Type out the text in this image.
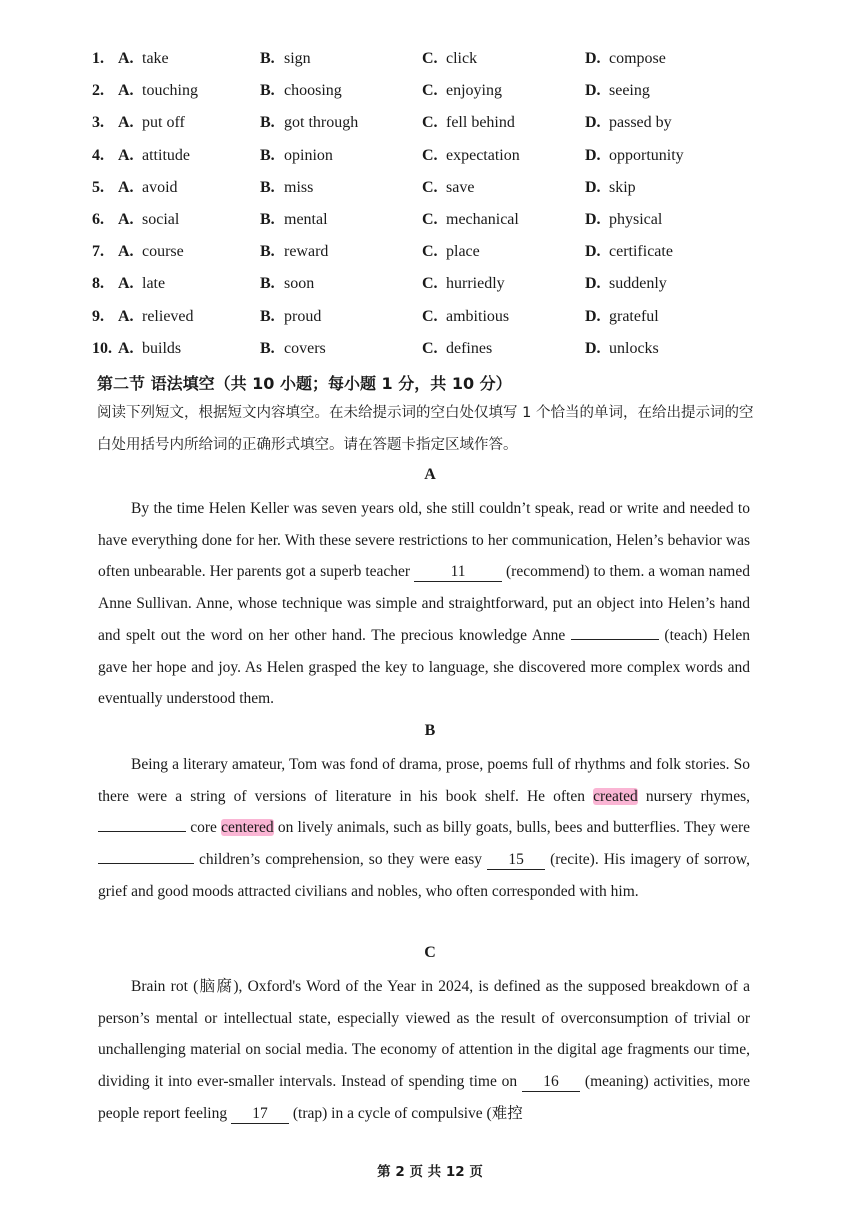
1. A. take	B. sign	C. click	D. compose
2. A. touching	B. choosing	C. enjoying	D. seeing
3. A. put off	B. got through	C. fell behind	D. passed by
4. A. attitude	B. opinion	C. expectation	D. opportunity
5. A. avoid	B. miss	C. save	D. skip
6. A. social	B. mental	C. mechanical	D. physical
7. A. course	B. reward	C. place	D. certificate
8. A. late	B. soon	C. hurriedly	D. suddenly
9. A. relieved	B. proud	C. ambitious	D. grateful
10. A. builds	B. covers	C. defines	D. unlocks
第二节 语法填空（共 10 小题；每小题 1 分，共 10 分）
阅读下列短文，根据短文内容填空。在未给提示词的空白处仅填写 1 个恰当的单词，在给出提示词的空白处用括号内所给词的正确形式填空。请在答题卡指定区域作答。
A
By the time Helen Keller was seven years old, she still couldn’t speak, read or write and needed to have everything done for her. With these severe restrictions to her communication, Helen’s behavior was often unbearable. Her parents got a superb teacher 11 (recommend) to them. a woman named Anne Sullivan. Anne, whose technique was simple and straightforward, put an object into Helen’s hand and spelt out the word on her other hand. The precious knowledge Anne	(teach) Helen gave her hope and joy. As Helen grasped the key to language, she discovered more complex words and eventually understood them.
B
Being a literary amateur, Tom was fond of drama, prose, poems full of rhythms and folk stories. So there were a string of versions of literature in his book shelf. He often created nursery rhymes,  core centered on lively animals, such as billy goats, bulls, bees and butterflies. They were  children’s comprehension, so they were easy 15 (recite). His imagery of sorrow, grief and good moods attracted civilians and nobles, who often corresponded with him.
C
Brain rot (脑腐), Oxford's Word of the Year in 2024, is defined as the supposed breakdown of a person’s mental or intellectual state, especially viewed as the result of overconsumption of trivial or unchallenging material on social media. The economy of attention in the digital age fragments our time, dividing it into ever-smaller intervals. Instead of spending time on 16 (meaning) activities, more people report feeling 17 (trap) in a cycle of compulsive (难控
第 2 页 共 12 页
